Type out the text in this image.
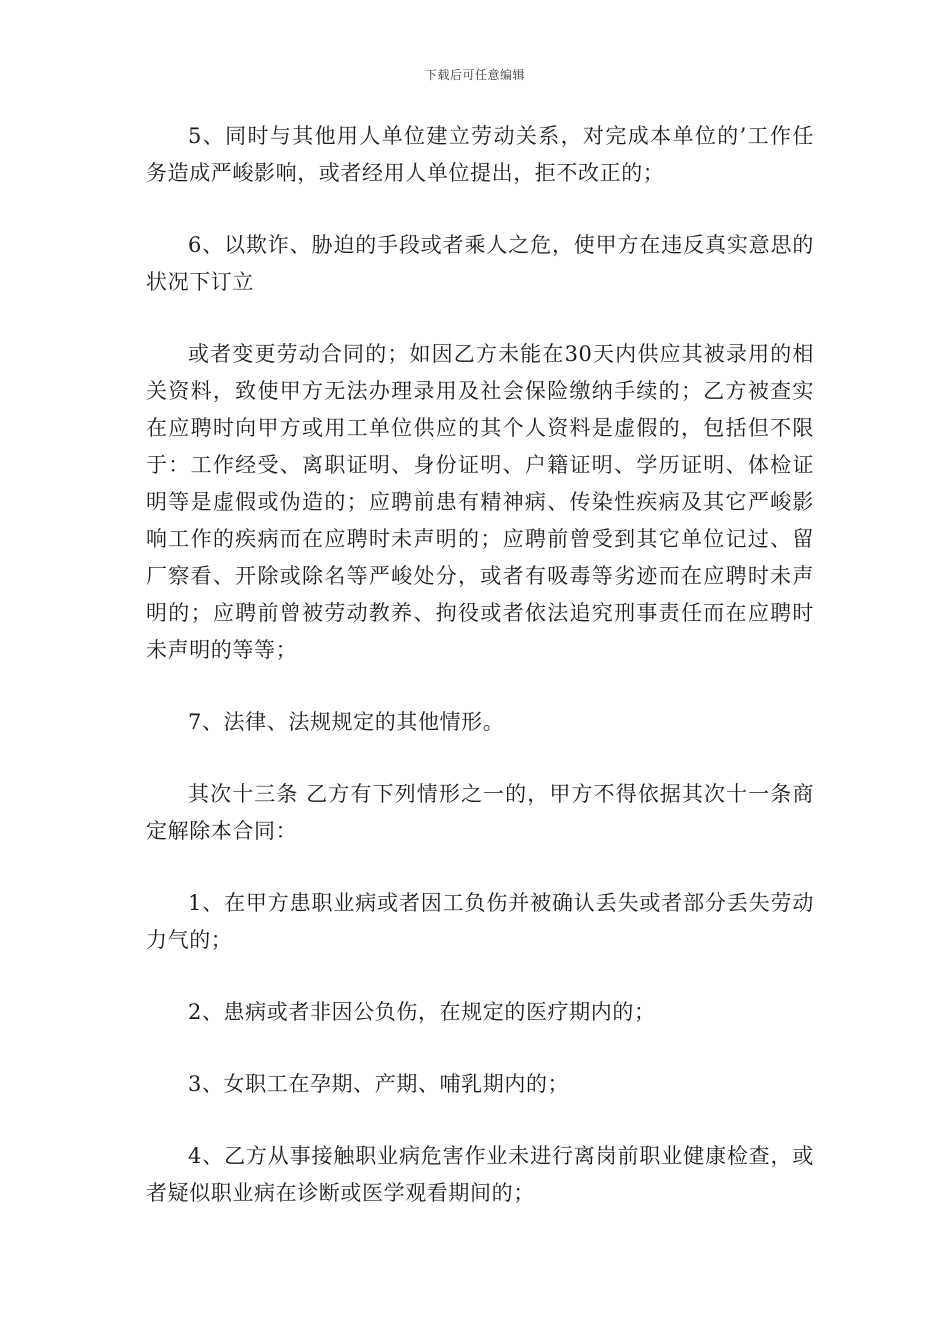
下载后可任意编辑

5、同时与其他用人单位建立劳动关系，对完成本单位的’工作任务造成严峻影响，或者经用人单位提出，拒不改正的；

6、以欺诈、胁迫的手段或者乘人之危，使甲方在违反真实意思的状况下订立

或者变更劳动合同的；如因乙方未能在30天内供应其被录用的相关资料，致使甲方无法办理录用及社会保险缴纳手续的；乙方被查实在应聘时向甲方或用工单位供应的其个人资料是虚假的，包括但不限于：工作经受、离职证明、身份证明、户籍证明、学历证明、体检证明等是虚假或伪造的；应聘前患有精神病、传染性疾病及其它严峻影响工作的疾病而在应聘时未声明的；应聘前曾受到其它单位记过、留厂察看、开除或除名等严峻处分，或者有吸毒等劣迹而在应聘时未声明的；应聘前曾被劳动教养、拘役或者依法追究刑事责任而在应聘时未声明的等等；

7、法律、法规规定的其他情形。

其次十三条 乙方有下列情形之一的，甲方不得依据其次十一条商定解除本合同：

1、在甲方患职业病或者因工负伤并被确认丢失或者部分丢失劳动力气的；

2、患病或者非因公负伤，在规定的医疗期内的；

3、女职工在孕期、产期、哺乳期内的；

4、乙方从事接触职业病危害作业未进行离岗前职业健康检查，或者疑似职业病在诊断或医学观看期间的；
